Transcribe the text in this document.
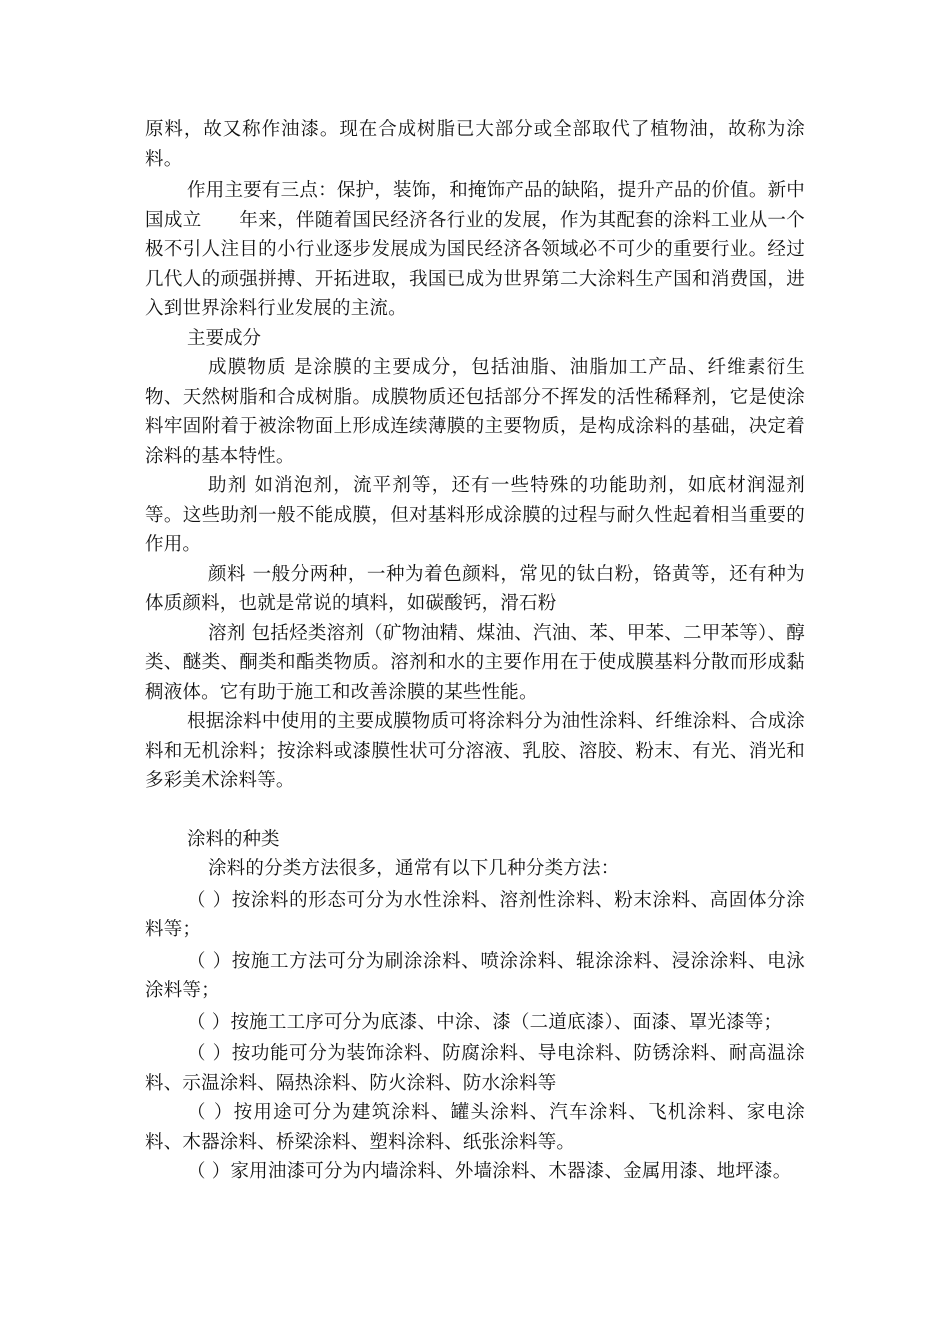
原料，故又称作油漆。现在合成树脂已大部分或全部取代了植物油，故称为涂料。

作用主要有三点：保护，装饰，和掩饰产品的缺陷，提升产品的价值。新中国成立　　年来，伴随着国民经济各行业的发展，作为其配套的涂料工业从一个极不引人注目的小行业逐步发展成为国民经济各领域必不可少的重要行业。经过几代人的顽强拼搏、开拓进取，我国已成为世界第二大涂料生产国和消费国，进入到世界涂料行业发展的主流。

主要成分

成膜物质 是涂膜的主要成分，包括油脂、油脂加工产品、纤维素衍生物、天然树脂和合成树脂。成膜物质还包括部分不挥发的活性稀释剂，它是使涂料牢固附着于被涂物面上形成连续薄膜的主要物质，是构成涂料的基础，决定着涂料的基本特性。

助剂 如消泡剂，流平剂等，还有一些特殊的功能助剂，如底材润湿剂等。这些助剂一般不能成膜，但对基料形成涂膜的过程与耐久性起着相当重要的作用。

颜料 一般分两种，一种为着色颜料，常见的钛白粉，铬黄等，还有种为体质颜料，也就是常说的填料，如碳酸钙，滑石粉

溶剂 包括烃类溶剂（矿物油精、煤油、汽油、苯、甲苯、二甲苯等）、醇类、醚类、酮类和酯类物质。溶剂和水的主要作用在于使成膜基料分散而形成黏稠液体。它有助于施工和改善涂膜的某些性能。

根据涂料中使用的主要成膜物质可将涂料分为油性涂料、纤维涂料、合成涂料和无机涂料；按涂料或漆膜性状可分溶液、乳胶、溶胶、粉末、有光、消光和多彩美术涂料等。

涂料的种类

涂料的分类方法很多，通常有以下几种分类方法：

（ ）按涂料的形态可分为水性涂料、溶剂性涂料、粉末涂料、高固体分涂料等；

（ ）按施工方法可分为刷涂涂料、喷涂涂料、辊涂涂料、浸涂涂料、电泳涂料等；

（ ）按施工工序可分为底漆、中涂、漆（二道底漆）、面漆、罩光漆等；

（ ）按功能可分为装饰涂料、防腐涂料、导电涂料、防锈涂料、耐高温涂料、示温涂料、隔热涂料、防火涂料、防水涂料等

（ ）按用途可分为建筑涂料、罐头涂料、汽车涂料、飞机涂料、家电涂料、木器涂料、桥梁涂料、塑料涂料、纸张涂料等。

（ ）家用油漆可分为内墙涂料、外墙涂料、木器漆、金属用漆、地坪漆。
